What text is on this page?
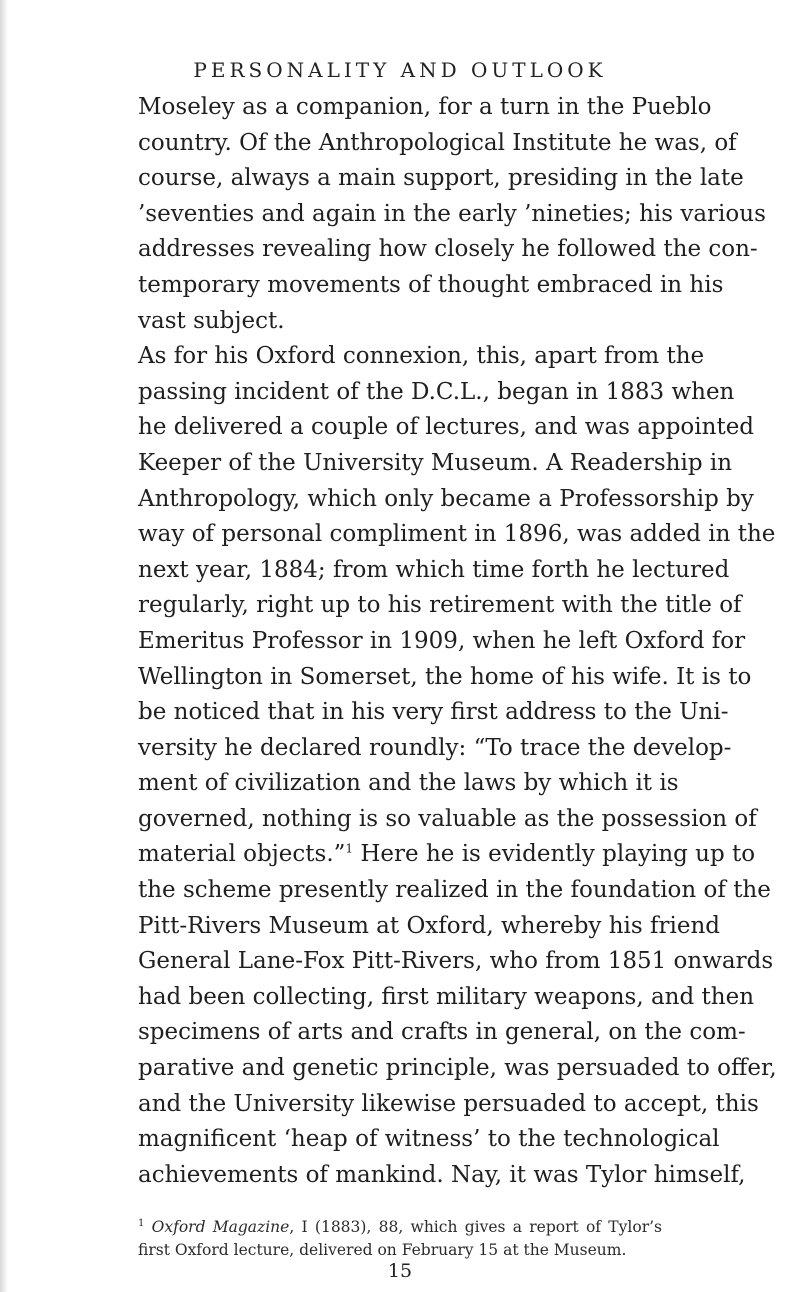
PERSONALITY AND OUTLOOK
Moseley as a companion, for a turn in the Pueblo
country. Of the Anthropological Institute he was, of
course, always a main support, presiding in the late
’seventies and again in the early ’nineties; his various
addresses revealing how closely he followed the con-
temporary movements of thought embraced in his
vast subject.
As for his Oxford connexion, this, apart from the
passing incident of the D.C.L., began in 1883 when
he delivered a couple of lectures, and was appointed
Keeper of the University Museum. A Readership in
Anthropology, which only became a Professorship by
way of personal compliment in 1896, was added in the
next year, 1884; from which time forth he lectured
regularly, right up to his retirement with the title of
Emeritus Professor in 1909, when he left Oxford for
Wellington in Somerset, the home of his wife. It is to
be noticed that in his very first address to the Uni-
versity he declared roundly: “To trace the develop-
ment of civilization and the laws by which it is
governed, nothing is so valuable as the possession of
material objects.”$^1$ Here he is evidently playing up to
the scheme presently realized in the foundation of the
Pitt-Rivers Museum at Oxford, whereby his friend
General Lane-Fox Pitt-Rivers, who from 1851 onwards
had been collecting, first military weapons, and then
specimens of arts and crafts in general, on the com-
parative and genetic principle, was persuaded to offer,
and the University likewise persuaded to accept, this
magnificent ‘heap of witness’ to the technological
achievements of mankind. Nay, it was Tylor himself,
$^1$ Oxford Magazine, I (1883), 88, which gives a report of Tylor’s
first Oxford lecture, delivered on February 15 at the Museum.
15
